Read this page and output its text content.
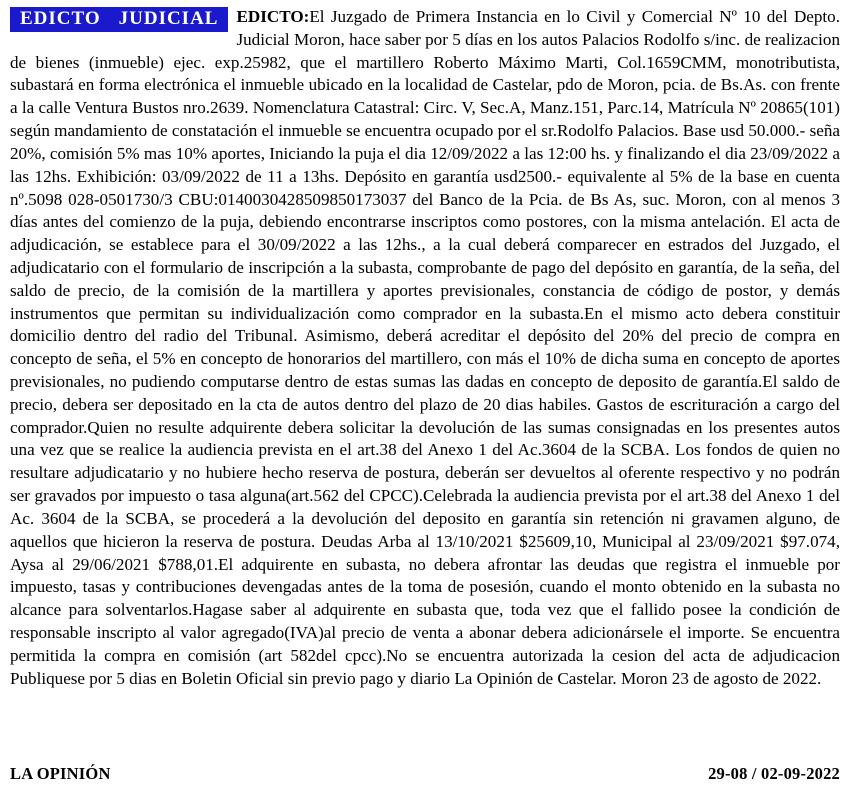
EDICTO JUDICIAL	EDICTO:El Juzgado de Primera Instancia en lo Civil y Comercial Nº 10 del Depto. Judicial Moron, hace saber por 5 días en los autos Palacios Rodolfo s/inc. de realizacion de bienes (inmueble) ejec. exp.25982, que el martillero Roberto Máximo Marti, Col.1659CMM, monotributista, subastará en forma electrónica el inmueble ubicado en la localidad de Castelar, pdo de Moron, pcia. de Bs.As. con frente a la calle Ventura Bustos nro.2639. Nomenclatura Catastral: Circ. V, Sec.A, Manz.151, Parc.14, Matrícula Nº 20865(101) según mandamiento de constatación el inmueble se encuentra ocupado por el sr.Rodolfo Palacios. Base usd 50.000.- seña 20%, comisión 5% mas 10% aportes, Iniciando la puja el dia 12/09/2022 a las 12:00 hs. y finalizando el dia 23/09/2022 a las 12hs. Exhibición: 03/09/2022 de 11 a 13hs. Depósito en garantía usd2500.- equivalente al 5% de la base en cuenta nº.5098 028-0501730/3 CBU:0140030428509850173037 del Banco de la Pcia. de Bs As, suc. Moron, con al menos 3 días antes del comienzo de la puja, debiendo encontrarse inscriptos como postores, con la misma antelación. El acta de adjudicación, se establece para el 30/09/2022 a las 12hs., a la cual deberá comparecer en estrados del Juzgado, el adjudicatario con el formulario de inscripción a la subasta, comprobante de pago del depósito en garantía, de la seña, del saldo de precio, de la comisión de la martillera y aportes previsionales, constancia de código de postor, y demás instrumentos que permitan su individualización como comprador en la subasta.En el mismo acto debera constituir domicilio dentro del radio del Tribunal. Asimismo, deberá acreditar el depósito del 20% del precio de compra en concepto de seña, el 5% en concepto de honorarios del martillero, con más el 10% de dicha suma en concepto de aportes previsionales, no pudiendo computarse dentro de estas sumas las dadas en concepto de deposito de garantía.El saldo de precio, debera ser depositado en la cta de autos dentro del plazo de 20 dias habiles. Gastos de escrituración a cargo del comprador.Quien no resulte adquirente debera solicitar la devolución de las sumas consignadas en los presentes autos una vez que se realice la audiencia prevista en el art.38 del Anexo 1 del Ac.3604 de la SCBA. Los fondos de quien no resultare adjudicatario y no hubiere hecho reserva de postura, deberán ser devueltos al oferente respectivo y no podrán ser gravados por impuesto o tasa alguna(art.562 del CPCC).Celebrada la audiencia prevista por el art.38 del Anexo 1 del Ac. 3604 de la SCBA, se procederá a la devolución del deposito en garantía sin retención ni gravamen alguno, de aquellos que hicieron la reserva de postura. Deudas Arba al 13/10/2021 $25609,10, Municipal al 23/09/2021 $97.074, Aysa al 29/06/2021 $788,01.El adquirente en subasta, no debera afrontar las deudas que registra el inmueble por impuesto, tasas y contribuciones devengadas antes de la toma de posesión, cuando el monto obtenido en la subasta no alcance para solventarlos.Hagase saber al adquirente en subasta que, toda vez que el fallido posee la condición de responsable inscripto al valor agregado(IVA)al precio de venta a abonar debera adicionársele el importe. Se encuentra permitida la compra en comisión (art 582del cpcc).No se encuentra autorizada la cesion del acta de adjudicacion Publiquese por 5 dias en Boletin Oficial sin previo pago y diario La Opinión de Castelar. Moron 23 de agosto de 2022.
LA OPINIÓN	29-08 / 02-09-2022
